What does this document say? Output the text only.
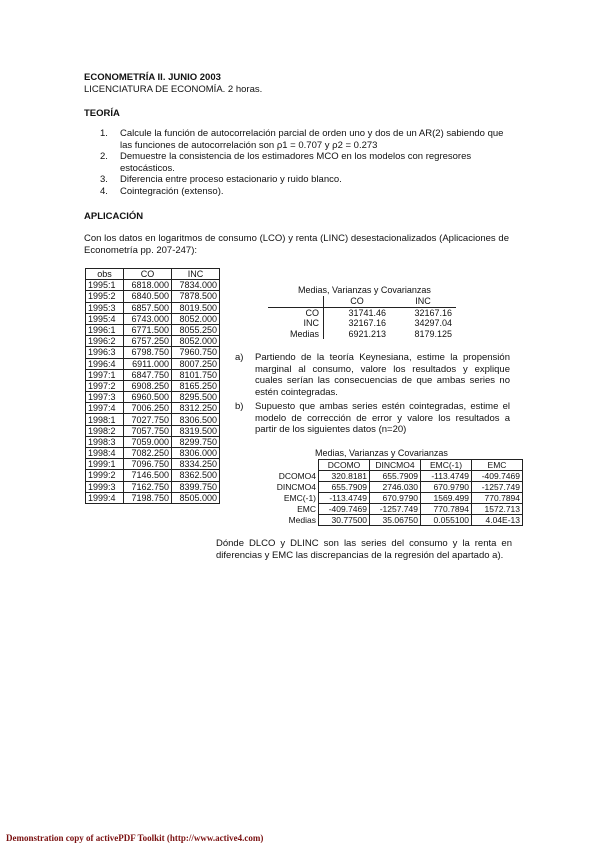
ECONOMETRÍA II. JUNIO 2003
LICENCIATURA DE ECONOMÍA. 2 horas.
TEORÍA
1. Calcule la función de autocorrelación parcial de orden uno y dos de un AR(2) sabiendo que las funciones de autocorrelación son ρ1 = 0.707 y ρ2 = 0.273
2. Demuestre la consistencia de los estimadores MCO en los modelos con regresores estocásticos.
3. Diferencia entre proceso estacionario y ruido blanco.
4. Cointegración (extenso).
APLICACIÓN
Con los datos en logaritmos de consumo (LCO) y renta (LINC) desestacionalizados (Aplicaciones de Econometría pp. 207-247):
obs	CO	INC
1995:1	6818.000	7834.000
1995:2	6840.500	7878.500
1995:3	6857.500	8019.500
1995:4	6743.000	8052.000
1996:1	6771.500	8055.250
1996:2	6757.250	8052.000
1996:3	6798.750	7960.750
1996:4	6911.000	8007.250
1997:1	6847.750	8101.750
1997:2	6908.250	8165.250
1997:3	6960.500	8295.500
1997:4	7006.250	8312.250
1998:1	7027.750	8306.500
1998:2	7057.750	8319.500
1998:3	7059.000	8299.750
1998:4	7082.250	8306.000
1999:1	7096.750	8334.250
1999:2	7146.500	8362.500
1999:3	7162.750	8399.750
1999:4	7198.750	8505.000
Medias, Varianzas y Covarianzas
	CO	INC
CO	31741.46	32167.16
INC	32167.16	34297.04
Medias	6921.213	8179.125
a) Partiendo de la teoría Keynesiana, estime la propensión marginal al consumo, valore los resultados y explique cuales serían las consecuencias de que ambas series no estén cointegradas.
b) Supuesto que ambas series estén cointegradas, estime el modelo de corrección de error y valore los resultados a partir de los siguientes datos (n=20)
Medias, Varianzas y Covarianzas
	DCOMO	DINCMO4	EMC(-1)	EMC
DCOMO4	320.8181	655.7909	-113.4749	-409.7469
DINCMO4	655.7909	2746.030	670.9790	-1257.749
EMC(-1)	-113.4749	670.9790	1569.499	770.7894
EMC	-409.7469	-1257.749	770.7894	1572.713
Medias	30.77500	35.06750	0.055100	4.04E-13
Dónde DLCO y DLINC son las series del consumo y la renta en diferencias y EMC las discrepancias de la regresión del apartado a).
Demonstration copy of activePDF Toolkit (http://www.active4.com)
